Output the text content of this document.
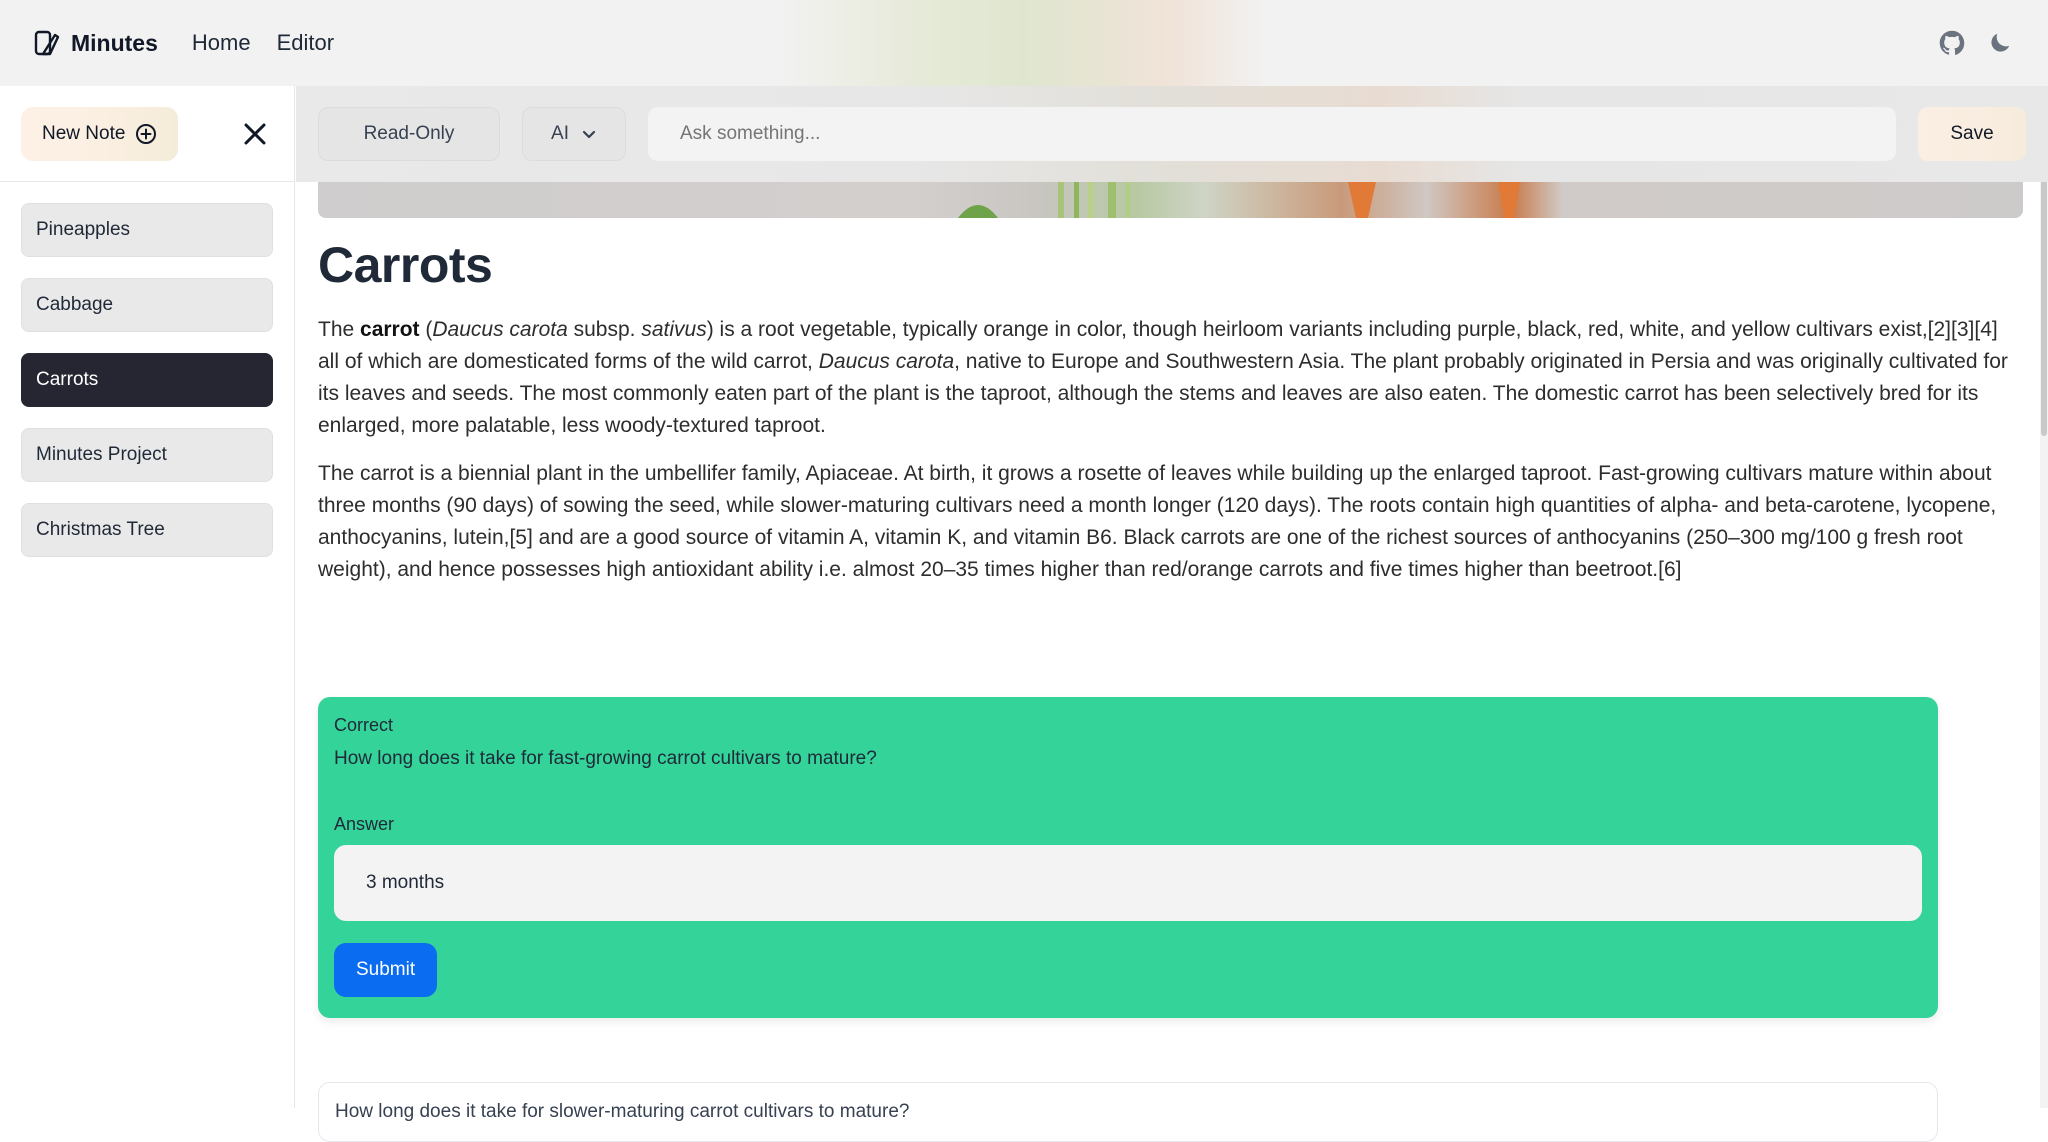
Minutes Home Editor
New Note
Pineapples
Cabbage
Carrots
Minutes Project
Christmas Tree
Read-Only	AI
Ask something...	Save
Carrots

The carrot (Daucus carota subsp. sativus) is a root vegetable, typically orange in color, though heirloom variants including purple, black, red, white, and yellow cultivars exist,[2][3][4] all of which are domesticated forms of the wild carrot, Daucus carota, native to Europe and Southwestern Asia. The plant probably originated in Persia and was originally cultivated for its leaves and seeds. The most commonly eaten part of the plant is the taproot, although the stems and leaves are also eaten. The domestic carrot has been selectively bred for its enlarged, more palatable, less woody-textured taproot.

The carrot is a biennial plant in the umbellifer family, Apiaceae. At birth, it grows a rosette of leaves while building up the enlarged taproot. Fast-growing cultivars mature within about three months (90 days) of sowing the seed, while slower-maturing cultivars need a month longer (120 days). The roots contain high quantities of alpha- and beta-carotene, lycopene, anthocyanins, lutein,[5] and are a good source of vitamin A, vitamin K, and vitamin B6. Black carrots are one of the richest sources of anthocyanins (250–300 mg/100 g fresh root weight), and hence possesses high antioxidant ability i.e. almost 20–35 times higher than red/orange carrots and five times higher than beetroot.[6]

Correct
How long does it take for fast-growing carrot cultivars to mature?
Answer
3 months Submit
How long does it take for slower-maturing carrot cultivars to mature?
